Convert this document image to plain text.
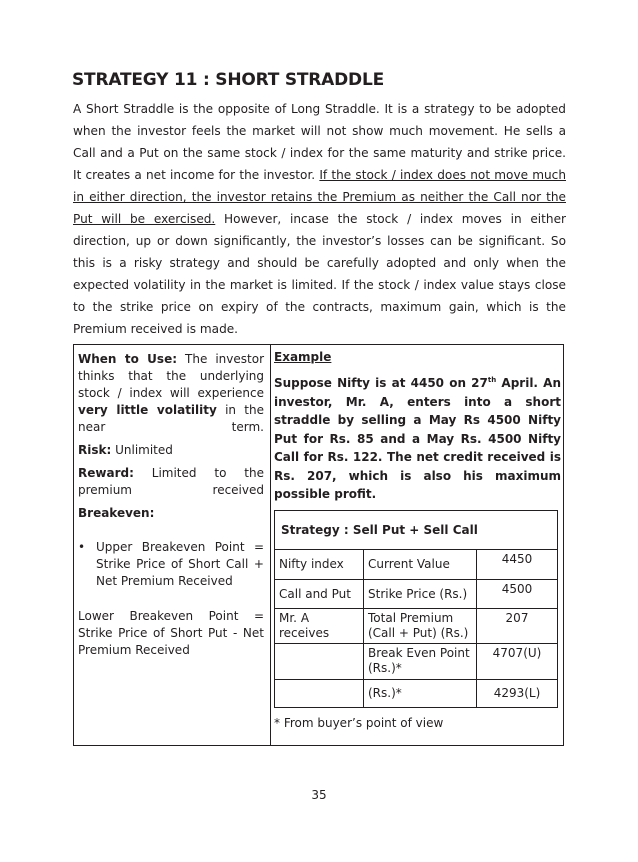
STRATEGY 11 : SHORT STRADDLE
A Short Straddle is the opposite of Long Straddle. It is a strategy to be adopted when the investor feels the market will not show much movement. He sells a Call and a Put on the same stock / index for the same maturity and strike price. It creates a net income for the investor. If the stock / index does not move much in either direction, the investor retains the Premium as neither the Call nor the Put will be exercised. However, incase the stock / index moves in either direction, up or down significantly, the investor’s losses can be significant. So this is a risky strategy and should be carefully adopted and only when the expected volatility in the market is limited. If the stock / index value stays close to the strike price on expiry of the contracts, maximum gain, which is the Premium received is made.

When to Use: The investor thinks that the underlying stock / index will experience very little volatility in the near term.

Risk: Unlimited

Reward: Limited to the premium received

Breakeven:

• Upper Breakeven Point = Strike Price of Short Call + Net Premium Received

Lower Breakeven Point = Strike Price of Short Put - Net Premium Received

Example
Suppose Nifty is at 4450 on 27th April. An investor, Mr. A, enters into a short straddle by selling a May Rs 4500 Nifty Put for Rs. 85 and a May Rs. 4500 Nifty Call for Rs. 122. The net credit received is Rs. 207, which is also his maximum possible profit.
Strategy : Sell Put + Sell Call		
Nifty index	Current Value	4450
Call and Put	Strike Price (Rs.)	4500
Mr. A receives	Total Premium (Call + Put) (Rs.)	207
	Break Even Point (Rs.)*	4707(U)
	(Rs.)*	4293(L)
* From buyer’s point of view
35
